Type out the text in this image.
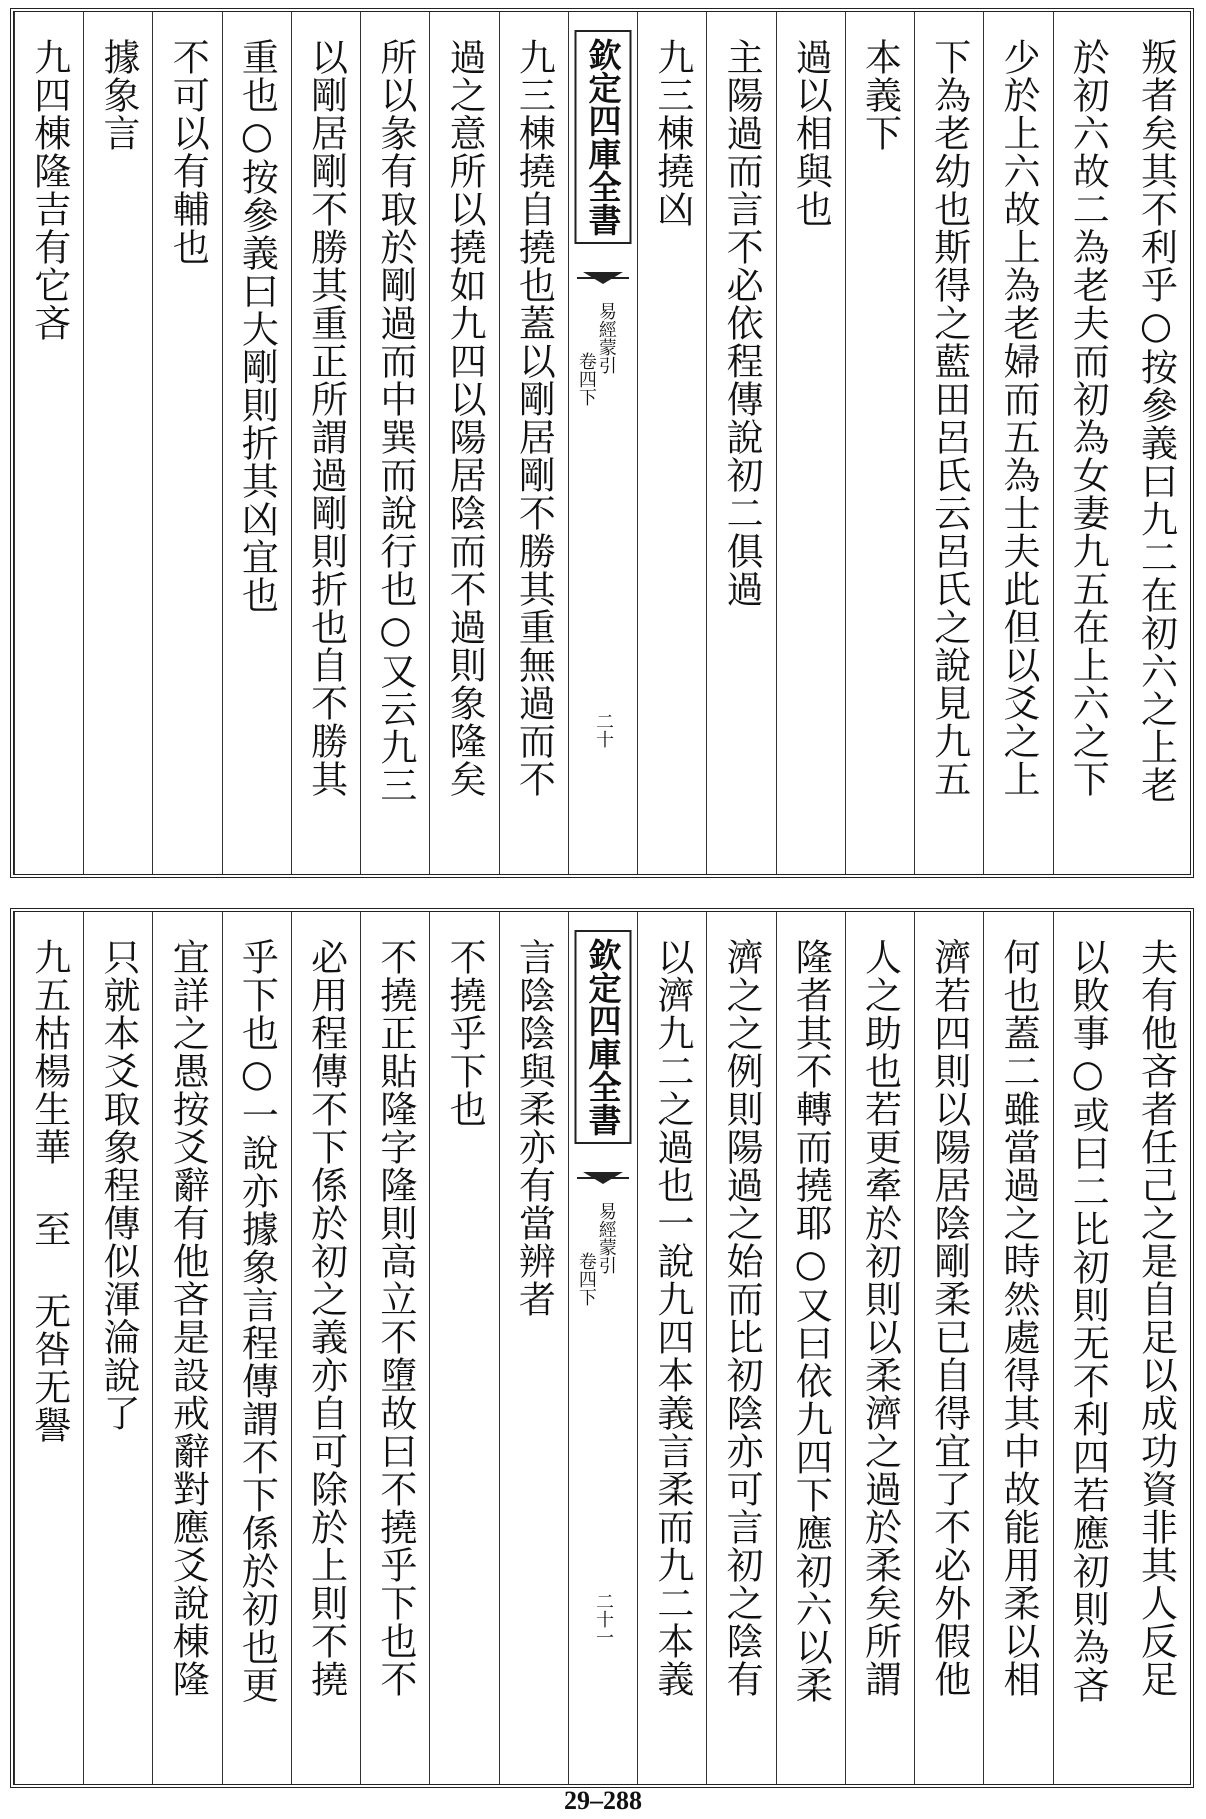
叛者矣其不利乎○按參義曰九二在初六之上老
於初六故二為老夫而初為女妻九五在上六之下
少於上六故上為老婦而五為士夫此但以爻之上
下為老幼也斯得之藍田呂氏云呂氏之說見九五
本義下
過以相與也
主陽過而言不必依程傳說初二俱過
九三棟撓凶
欽定四庫全書
易經蒙引
卷四下
二十
九三棟撓自撓也蓋以剛居剛不勝其重無過而不
過之意所以撓如九四以陽居陰而不過則象隆矣
所以彖有取於剛過而中巽而說行也○又云九三
以剛居剛不勝其重正所謂過剛則折也自不勝其
重也○按參義曰大剛則折其凶宜也
不可以有輔也
據象言
九四棟隆吉有它吝
夫有他吝者任己之是自足以成功資非其人反足
以敗事○或曰二比初則无不利四若應初則為吝
何也蓋二雖當過之時然處得其中故能用柔以相
濟若四則以陽居陰剛柔已自得宜了不必外假他
人之助也若更牽於初則以柔濟之過於柔矣所謂
隆者其不轉而撓耶○又曰依九四下應初六以柔
濟之之例則陽過之始而比初陰亦可言初之陰有
以濟九二之過也一說九四本義言柔而九二本義
欽定四庫全書
易經蒙引
卷四下
二十一
言陰陰與柔亦有當辨者
不撓乎下也
不撓正貼隆字隆則高立不墮故曰不撓乎下也不
必用程傳不下係於初之義亦自可除於上則不撓
乎下也○一說亦據象言程傳謂不下係於初也更
宜詳之愚按爻辭有他吝是設戒辭對應爻說棟隆
只就本爻取象程傳似渾淪說了
九五枯楊生華 至 无咎无譽
29–288
